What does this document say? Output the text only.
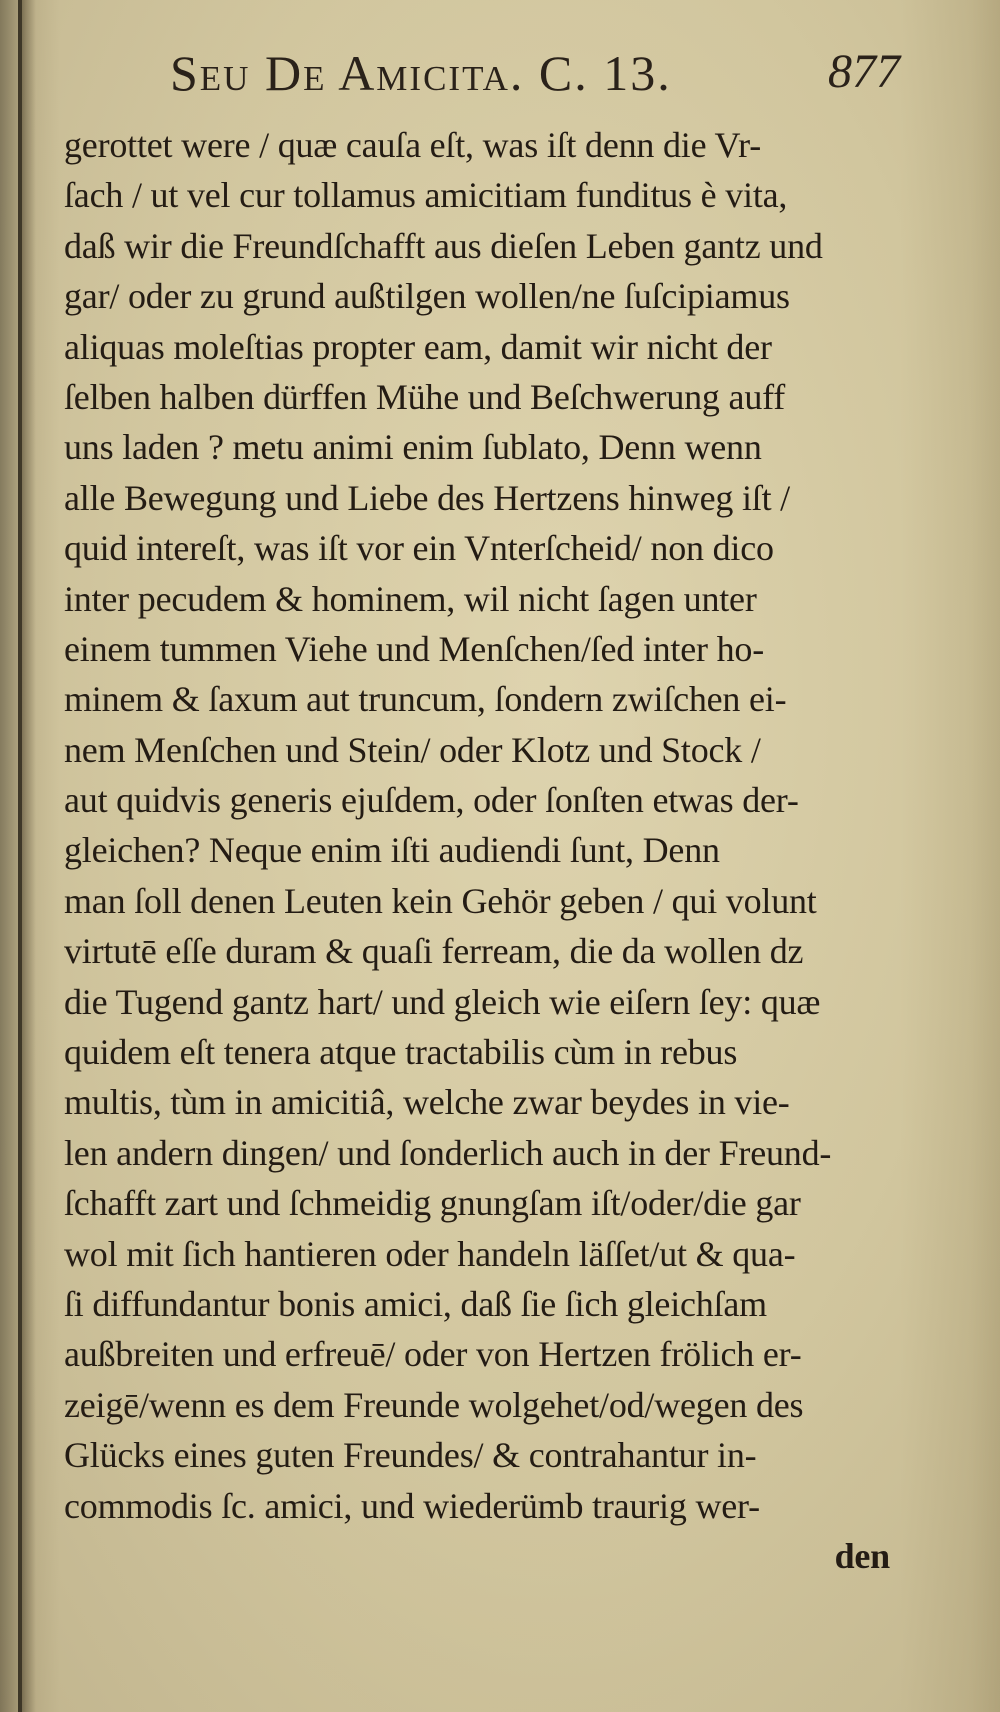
Seu De Amicita. C. 13.	877
gerottet were / quæ cauſa eſt, was iſt denn die Vr-
ſach / ut vel cur tollamus amicitiam funditus è vita,
daß wir die Freundſchafft aus dieſen Leben gantz und
gar/ oder zu grund außtilgen wollen/ne ſuſcipiamus
aliquas moleſtias propter eam, damit wir nicht der
ſelben halben dürffen Mühe und Beſchwerung auff
uns laden ? metu animi enim ſublato, Denn wenn
alle Bewegung und Liebe des Hertzens hinweg iſt /
quid intereſt, was iſt vor ein Vnterſcheid/ non dico
inter pecudem & hominem, wil nicht ſagen unter
einem tummen Viehe und Menſchen/ſed inter ho-
minem & ſaxum aut truncum, ſondern zwiſchen ei-
nem Menſchen und Stein/ oder Klotz und Stock /
aut quidvis generis ejuſdem, oder ſonſten etwas der-
gleichen? Neque enim iſti audiendi ſunt, Denn
man ſoll denen Leuten kein Gehör geben / qui volunt
virtutē eſſe duram & quaſi ferream, die da wollen dz
die Tugend gantz hart/ und gleich wie eiſern ſey: quæ
quidem eſt tenera atque tractabilis cùm in rebus
multis, tùm in amicitiâ, welche zwar beydes in vie-
len andern dingen/ und ſonderlich auch in der Freund-
ſchafft zart und ſchmeidig gnungſam iſt/oder/die gar
wol mit ſich hantieren oder handeln läſſet/ut & qua-
ſi diffundantur bonis amici, daß ſie ſich gleichſam
außbreiten und erfreuē/ oder von Hertzen frölich er-
zeigē/wenn es dem Freunde wolgehet/od/wegen des
Glücks eines guten Freundes/ & contrahantur in-
commodis ſc. amici, und wiederümb traurig wer-
den
